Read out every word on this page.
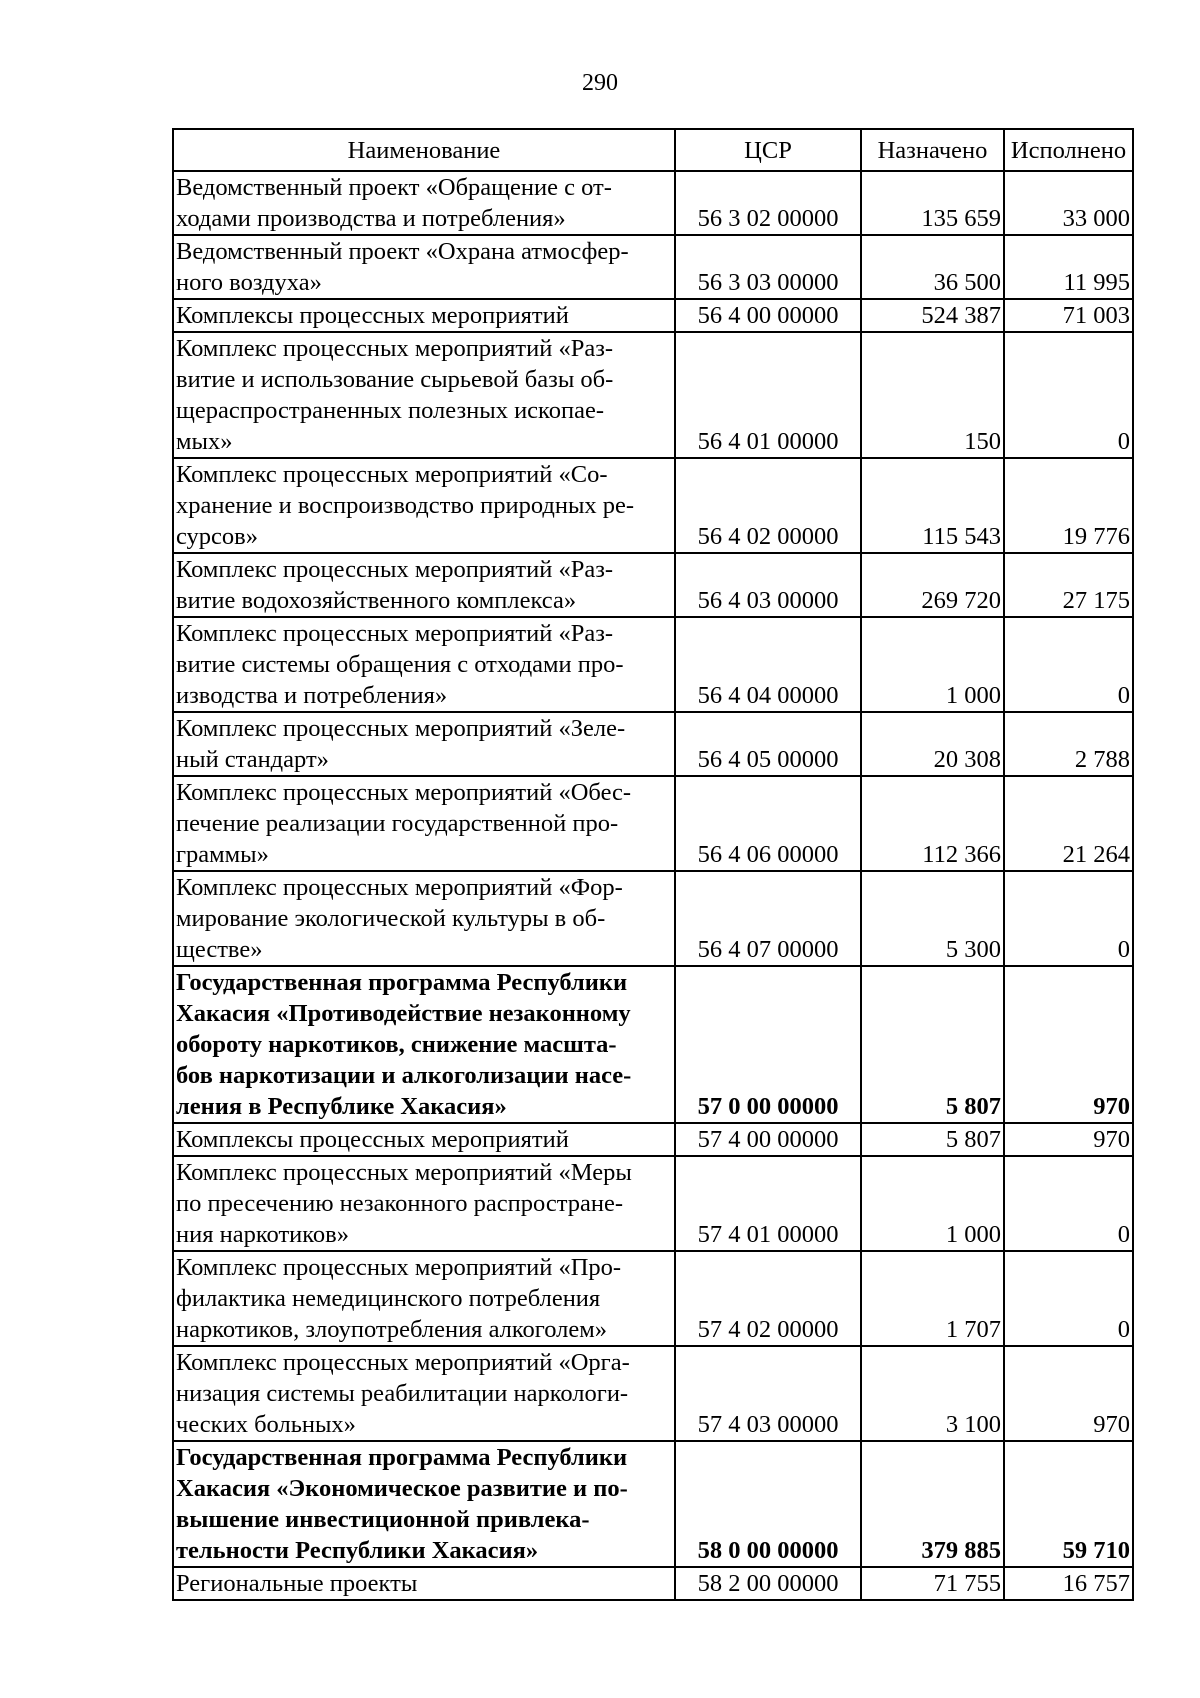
290
Наименование	ЦСР	Назначено	Исполнено
Ведомственный проект «Обращение с от-
ходами производства и потребления»	56 3 02 00000	135 659	33 000
Ведомственный проект «Охрана атмосфер-
ного воздуха»	56 3 03 00000	36 500	11 995
Комплексы процессных мероприятий	56 4 00 00000	524 387	71 003
Комплекс процессных мероприятий «Раз-
витие и использование сырьевой базы об-
щераспространенных полезных ископае-
мых»	56 4 01 00000	150	0
Комплекс процессных мероприятий «Со-
хранение и воспроизводство природных ре-
сурсов»	56 4 02 00000	115 543	19 776
Комплекс процессных мероприятий «Раз-
витие водохозяйственного комплекса»	56 4 03 00000	269 720	27 175
Комплекс процессных мероприятий «Раз-
витие системы обращения с отходами про-
изводства и потребления»	56 4 04 00000	1 000	0
Комплекс процессных мероприятий «Зеле-
ный стандарт»	56 4 05 00000	20 308	2 788
Комплекс процессных мероприятий «Обес-
печение реализации государственной про-
граммы»	56 4 06 00000	112 366	21 264
Комплекс процессных мероприятий «Фор-
мирование экологической культуры в об-
ществе»	56 4 07 00000	5 300	0
Государственная программа Республики
Хакасия «Противодействие незаконному
обороту наркотиков, снижение масшта-
бов наркотизации и алкоголизации насе-
ления в Республике Хакасия»	57 0 00 00000	5 807	970
Комплексы процессных мероприятий	57 4 00 00000	5 807	970
Комплекс процессных мероприятий «Меры
по пресечению незаконного распростране-
ния наркотиков»	57 4 01 00000	1 000	0
Комплекс процессных мероприятий «Про-
филактика немедицинского потребления
наркотиков, злоупотребления алкоголем»	57 4 02 00000	1 707	0
Комплекс процессных мероприятий «Орга-
низация системы реабилитации наркологи-
ческих больных»	57 4 03 00000	3 100	970
Государственная программа Республики
Хакасия «Экономическое развитие и по-
вышение инвестиционной привлека-
тельности Республики Хакасия»	58 0 00 00000	379 885	59 710
Региональные проекты	58 2 00 00000	71 755	16 757
